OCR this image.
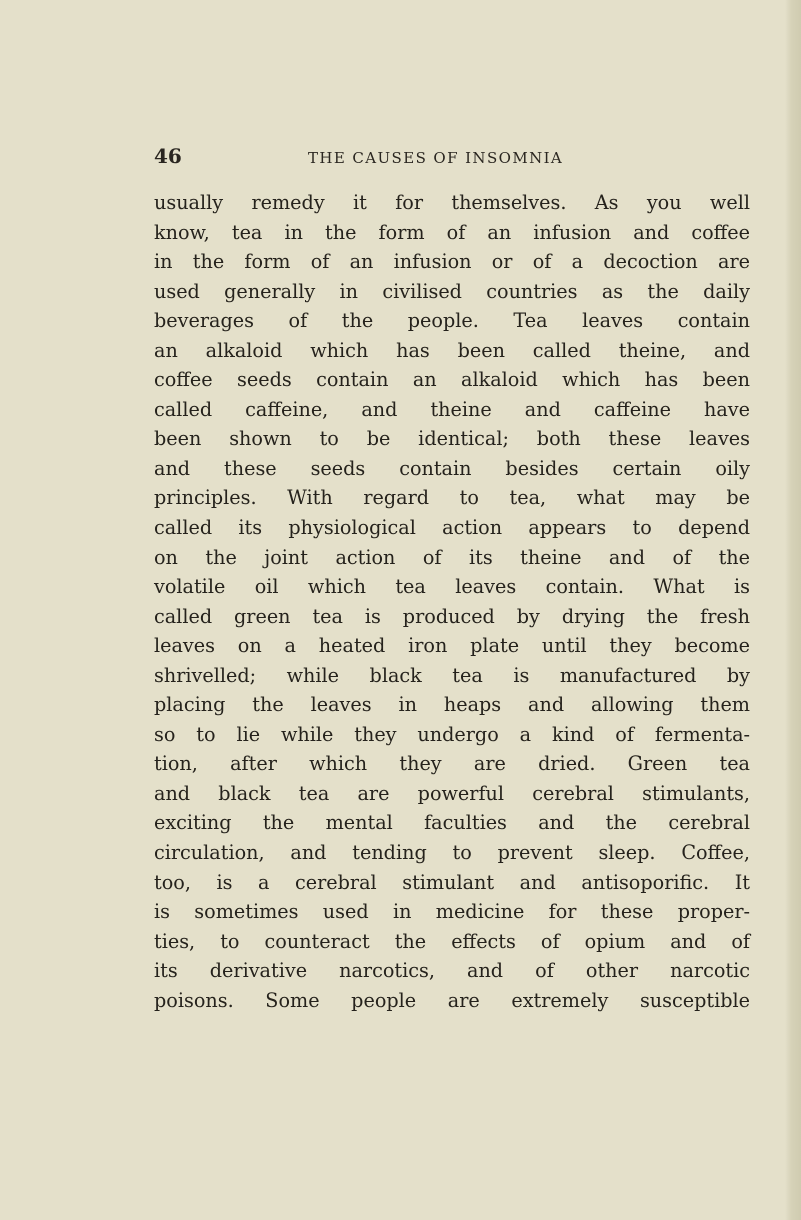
46	THE CAUSES OF INSOMNIA
usually remedy it for themselves. As you well
know, tea in the form of an infusion and coffee
in the form of an infusion or of a decoction are
used generally in civilised countries as the daily
beverages of the people. Tea leaves contain
an alkaloid which has been called theine, and
coffee seeds contain an alkaloid which has been
called caffeine, and theine and caffeine have
been shown to be identical; both these leaves
and these seeds contain besides certain oily
principles. With regard to tea, what may be
called its physiological action appears to depend
on the joint action of its theine and of the
volatile oil which tea leaves contain. What is
called green tea is produced by drying the fresh
leaves on a heated iron plate until they become
shrivelled; while black tea is manufactured by
placing the leaves in heaps and allowing them
so to lie while they undergo a kind of fermenta-
tion, after which they are dried. Green tea
and black tea are powerful cerebral stimulants,
exciting the mental faculties and the cerebral
circulation, and tending to prevent sleep. Coffee,
too, is a cerebral stimulant and antisoporific. It
is sometimes used in medicine for these proper-
ties, to counteract the effects of opium and of
its derivative narcotics, and of other narcotic
poisons. Some people are extremely susceptible
